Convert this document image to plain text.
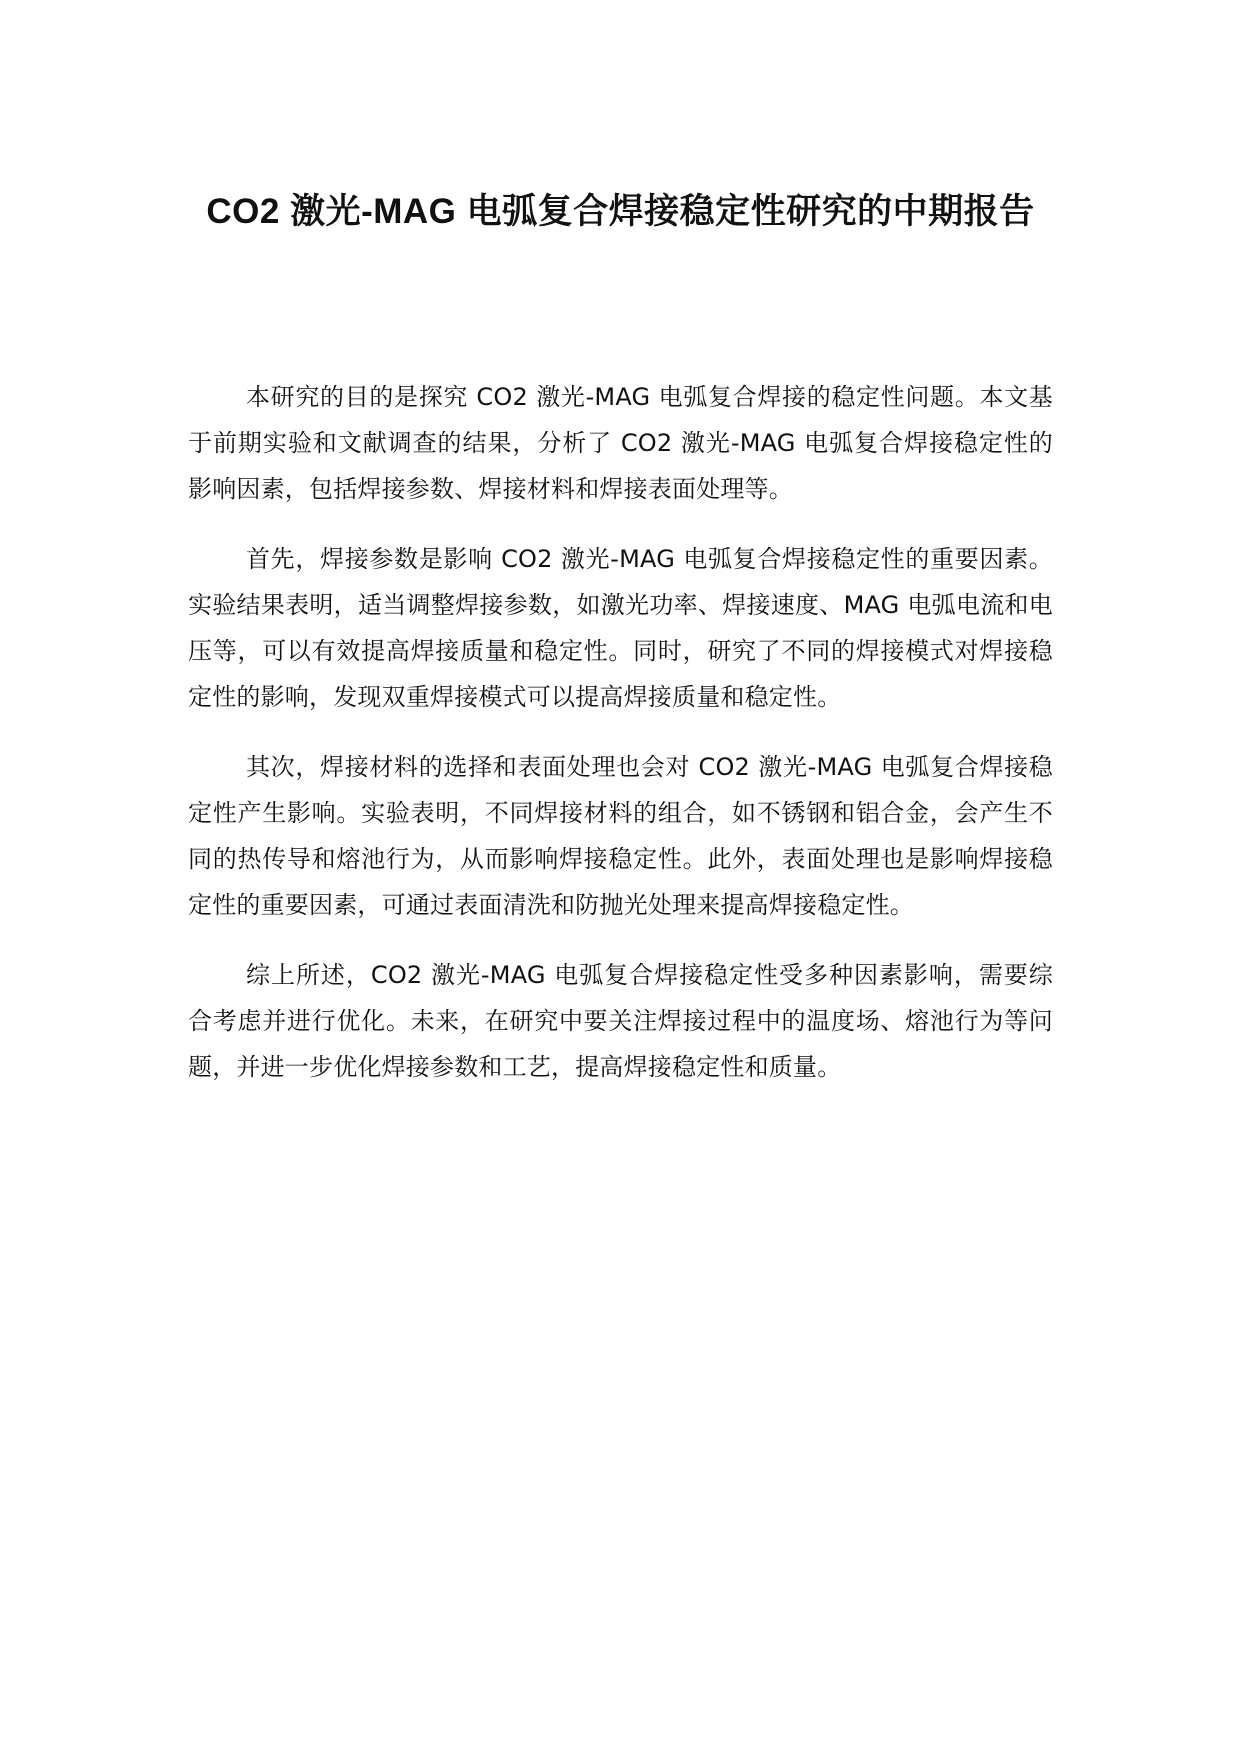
CO2 激光-MAG 电弧复合焊接稳定性研究的中期报告

本研究的目的是探究 CO2 激光-MAG 电弧复合焊接的稳定性问题。本文基于前期实验和文献调查的结果，分析了 CO2 激光-MAG 电弧复合焊接稳定性的影响因素，包括焊接参数、焊接材料和焊接表面处理等。

首先，焊接参数是影响 CO2 激光-MAG 电弧复合焊接稳定性的重要因素。实验结果表明，适当调整焊接参数，如激光功率、焊接速度、MAG 电弧电流和电压等，可以有效提高焊接质量和稳定性。同时，研究了不同的焊接模式对焊接稳定性的影响，发现双重焊接模式可以提高焊接质量和稳定性。

其次，焊接材料的选择和表面处理也会对 CO2 激光-MAG 电弧复合焊接稳定性产生影响。实验表明，不同焊接材料的组合，如不锈钢和铝合金，会产生不同的热传导和熔池行为，从而影响焊接稳定性。此外，表面处理也是影响焊接稳定性的重要因素，可通过表面清洗和防抛光处理来提高焊接稳定性。

综上所述，CO2 激光-MAG 电弧复合焊接稳定性受多种因素影响，需要综合考虑并进行优化。未来，在研究中要关注焊接过程中的温度场、熔池行为等问题，并进一步优化焊接参数和工艺，提高焊接稳定性和质量。
